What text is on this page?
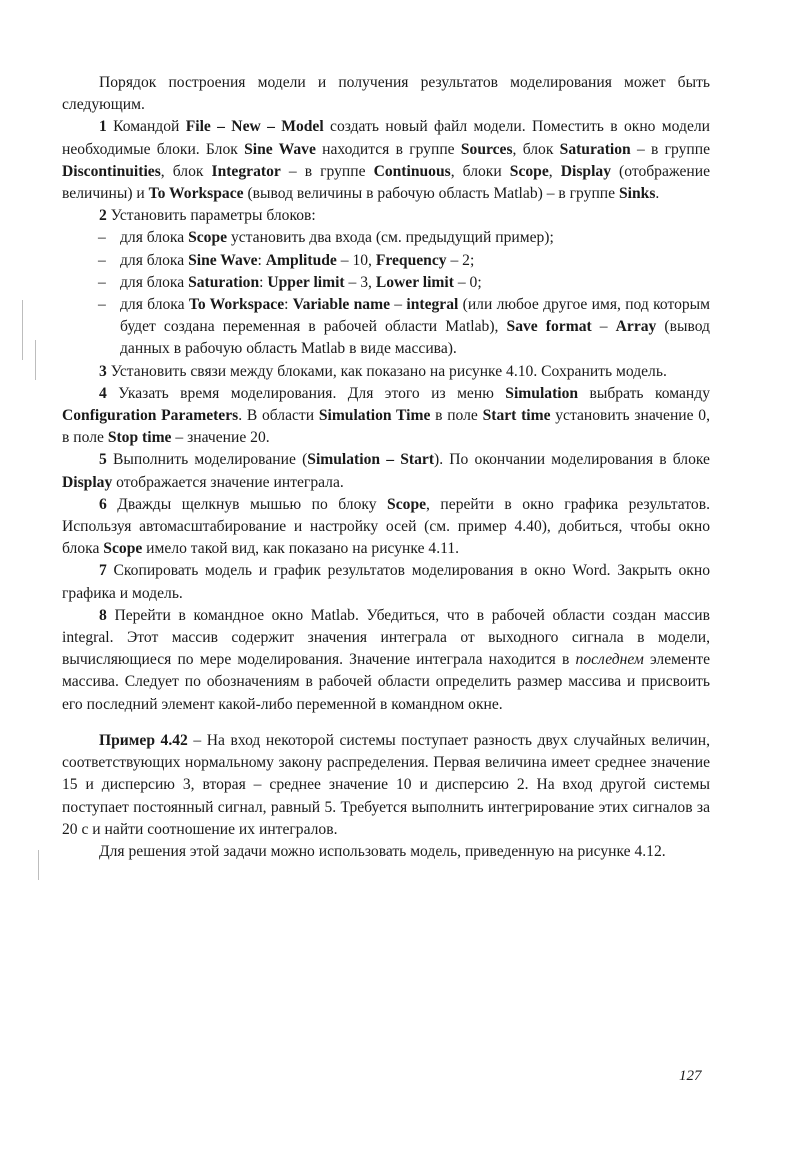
Порядок построения модели и получения результатов моделирования может быть следующим.

1 Командой File – New – Model создать новый файл модели. Поместить в окно модели необходимые блоки. Блок Sine Wave находится в группе Sources, блок Saturation – в группе Discontinuities, блок Integrator – в группе Continuous, блоки Scope, Display (отображение величины) и To Workspace (вывод величины в рабочую область Matlab) – в группе Sinks.

2 Установить параметры блоков:

– для блока Scope установить два входа (см. предыдущий пример);

– для блока Sine Wave: Amplitude – 10, Frequency – 2;

– для блока Saturation: Upper limit – 3, Lower limit – 0;

– для блока To Workspace: Variable name – integral (или любое другое имя, под которым будет создана переменная в рабочей области Matlab), Save format – Array (вывод данных в рабочую область Matlab в виде массива).

3 Установить связи между блоками, как показано на рисунке 4.10. Сохранить модель.

4 Указать время моделирования. Для этого из меню Simulation выбрать команду Configuration Parameters. В области Simulation Time в поле Start time установить значение 0, в поле Stop time – значение 20.

5 Выполнить моделирование (Simulation – Start). По окончании моделирования в блоке Display отображается значение интеграла.

6 Дважды щелкнув мышью по блоку Scope, перейти в окно графика результатов. Используя автомасштабирование и настройку осей (см. пример 4.40), добиться, чтобы окно блока Scope имело такой вид, как показано на рисунке 4.11.

7 Скопировать модель и график результатов моделирования в окно Word. Закрыть окно графика и модель.

8 Перейти в командное окно Matlab. Убедиться, что в рабочей области создан массив integral. Этот массив содержит значения интеграла от выходного сигнала в модели, вычисляющиеся по мере моделирования. Значение интеграла находится в последнем элементе массива. Следует по обозначениям в рабочей области определить размер массива и присвоить его последний элемент какой-либо переменной в командном окне.

Пример 4.42 – На вход некоторой системы поступает разность двух случайных величин, соответствующих нормальному закону распределения. Первая величина имеет среднее значение 15 и дисперсию 3, вторая – среднее значение 10 и дисперсию 2. На вход другой системы поступает постоянный сигнал, равный 5. Требуется выполнить интегрирование этих сигналов за 20 с и найти соотношение их интегралов.

Для решения этой задачи можно использовать модель, приведенную на рисунке 4.12.

127
